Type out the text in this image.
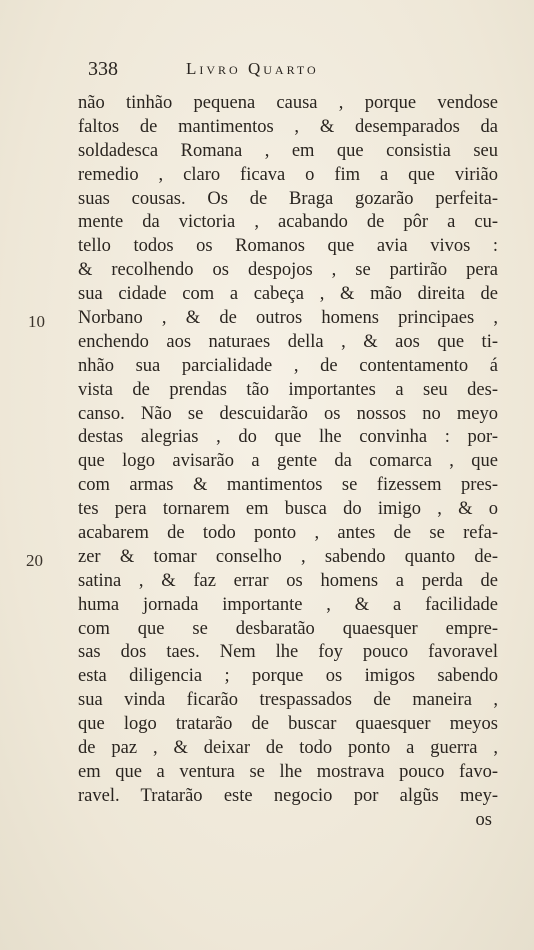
338	Livro Quarto
10
20
não tinhão pequena causa , porque vendose
faltos de mantimentos , & desemparados da
soldadesca Romana , em que consistia seu
remedio , claro ficava o fim a que virião
suas cousas. Os de Braga gozarão perfeita-
mente da victoria , acabando de pôr a cu-
tello todos os Romanos que avia vivos :
& recolhendo os despojos , se partirão pera
sua cidade com a cabeça , & mão direita de
Norbano , & de outros homens principaes ,
enchendo aos naturaes della , & aos que ti-
nhão sua parcialidade , de contentamento á
vista de prendas tão importantes a seu des-
canso. Não se descuidarão os nossos no meyo
destas alegrias , do que lhe convinha : por-
que logo avisarão a gente da comarca , que
com armas & mantimentos se fizessem pres-
tes pera tornarem em busca do imigo , & o
acabarem de todo ponto , antes de se refa-
zer & tomar conselho , sabendo quanto de-
satina , & faz errar os homens a perda de
huma jornada importante , & a facilidade
com que se desbaratão quaesquer empre-
sas dos taes. Nem lhe foy pouco favoravel
esta diligencia ; porque os imigos sabendo
sua vinda ficarão trespassados de maneira ,
que logo tratarão de buscar quaesquer meyos
de paz , & deixar de todo ponto a guerra ,
em que a ventura se lhe mostrava pouco favo-
ravel. Tratarão este negocio por algũs mey-
os
